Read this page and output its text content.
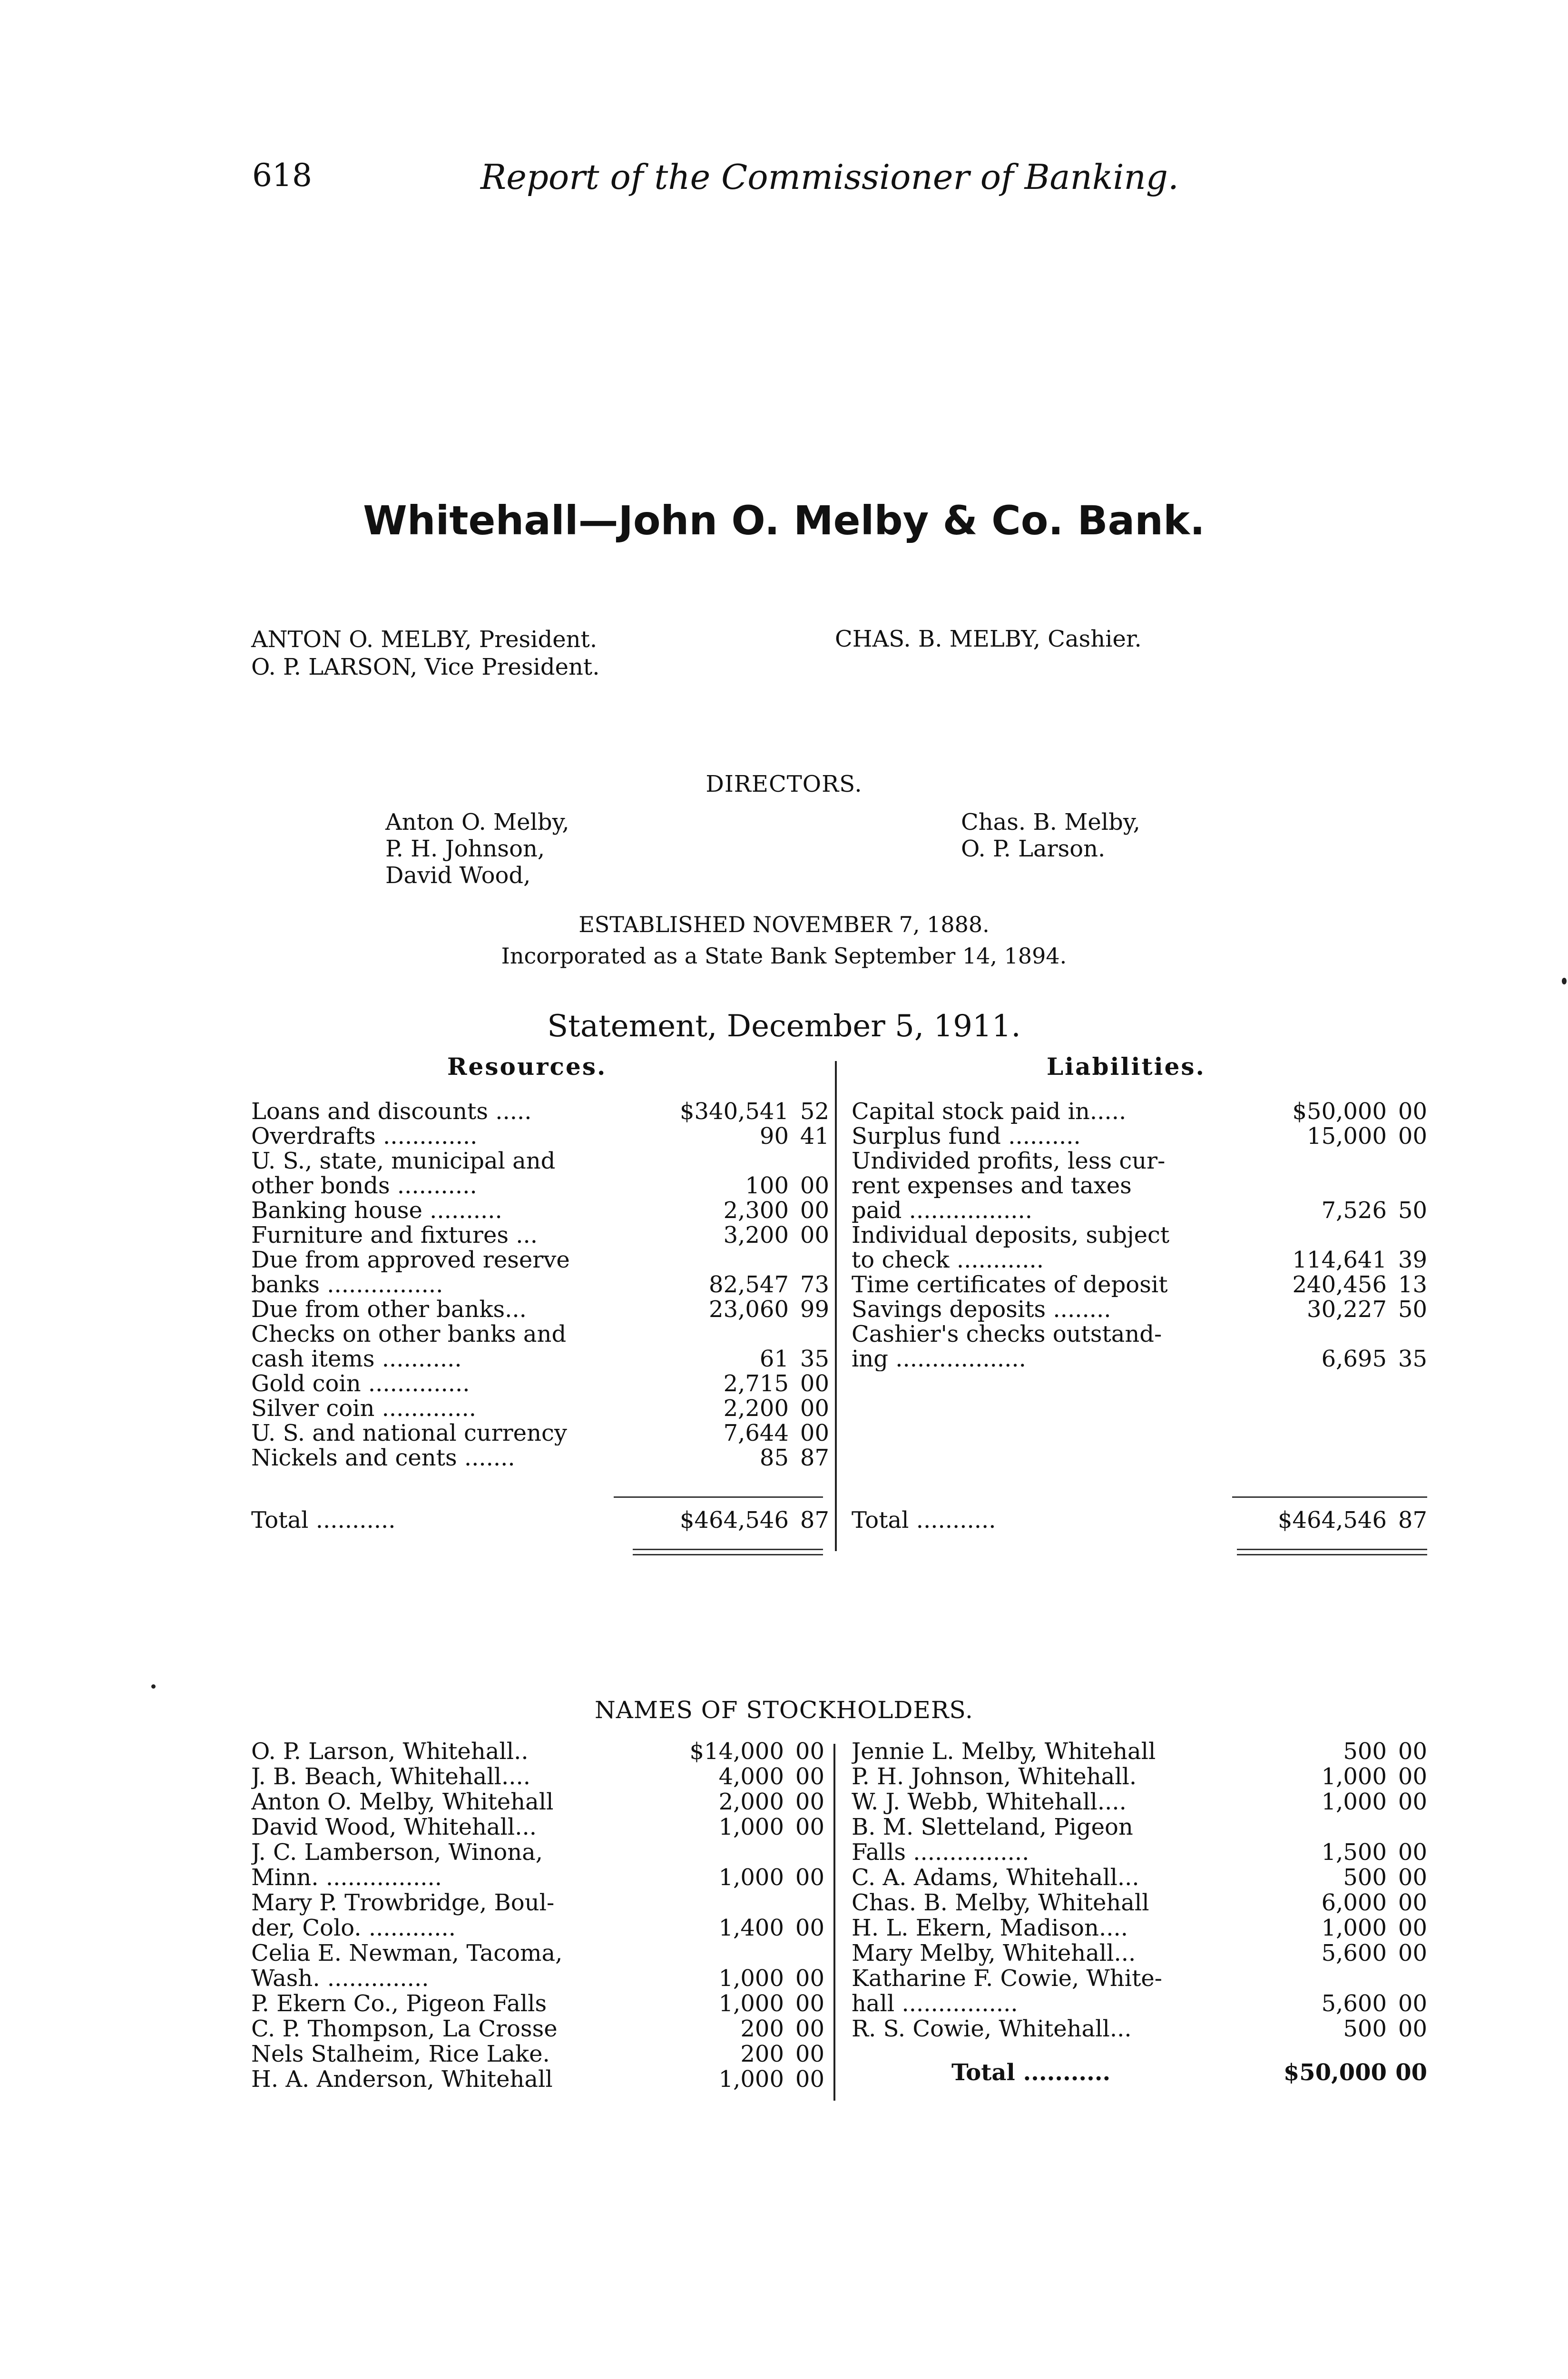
618	Report of the Commissioner of Banking.
Whitehall—John O. Melby & Co. Bank.
ANTON O. MELBY, President.
O. P. LARSON, Vice President.
CHAS. B. MELBY, Cashier.
DIRECTORS.
Anton O. Melby,
P. H. Johnson,
David Wood,
Chas. B. Melby,
O. P. Larson.
ESTABLISHED NOVEMBER 7, 1888.
Incorporated as a State Bank September 14, 1894.
Statement, December 5, 1911.
Resources.	Liabilities.
Loans and discounts .....	$340,541	52
Overdrafts .............	90	41
U. S., state, municipal and		
other bonds ...........	100	00
Banking house ..........	2,300	00
Furniture and fixtures ...	3,200	00
Due from approved reserve		
banks ................	82,547	73
Due from other banks...	23,060	99
Checks on other banks and		
cash items ...........	61	35
Gold coin ..............	2,715	00
Silver coin .............	2,200	00
U. S. and national currency	7,644	00
Nickels and cents .......	85	87
Total ...........	$464,546	87
Capital stock paid in.....	$50,000	00
Surplus fund ..........	15,000	00
Undivided profits, less cur-		
rent expenses and taxes		
paid .................	7,526	50
Individual deposits, subject		
to check ............	114,641	39
Time certificates of deposit	240,456	13
Savings deposits ........	30,227	50
Cashier's checks outstand-		
ing ..................	6,695	35
Total ...........	$464,546	87
NAMES OF STOCKHOLDERS.
O. P. Larson, Whitehall..	$14,000	00
J. B. Beach, Whitehall....	4,000	00
Anton O. Melby, Whitehall	2,000	00
David Wood, Whitehall...	1,000	00
J. C. Lamberson, Winona,		
Minn. ................	1,000	00
Mary P. Trowbridge, Boul-		
der, Colo. ............	1,400	00
Celia E. Newman, Tacoma,		
Wash. ..............	1,000	00
P. Ekern Co., Pigeon Falls	1,000	00
C. P. Thompson, La Crosse	200	00
Nels Stalheim, Rice Lake.	200	00
H. A. Anderson, Whitehall	1,000	00
Jennie L. Melby, Whitehall	500	00
P. H. Johnson, Whitehall.	1,000	00
W. J. Webb, Whitehall....	1,000	00
B. M. Sletteland, Pigeon		
Falls ................	1,500	00
C. A. Adams, Whitehall...	500	00
Chas. B. Melby, Whitehall	6,000	00
H. L. Ekern, Madison....	1,000	00
Mary Melby, Whitehall...	5,600	00
Katharine F. Cowie, White-		
hall ................	5,600	00
R. S. Cowie, Whitehall...	500	00
Total ...........	$50,000	00
